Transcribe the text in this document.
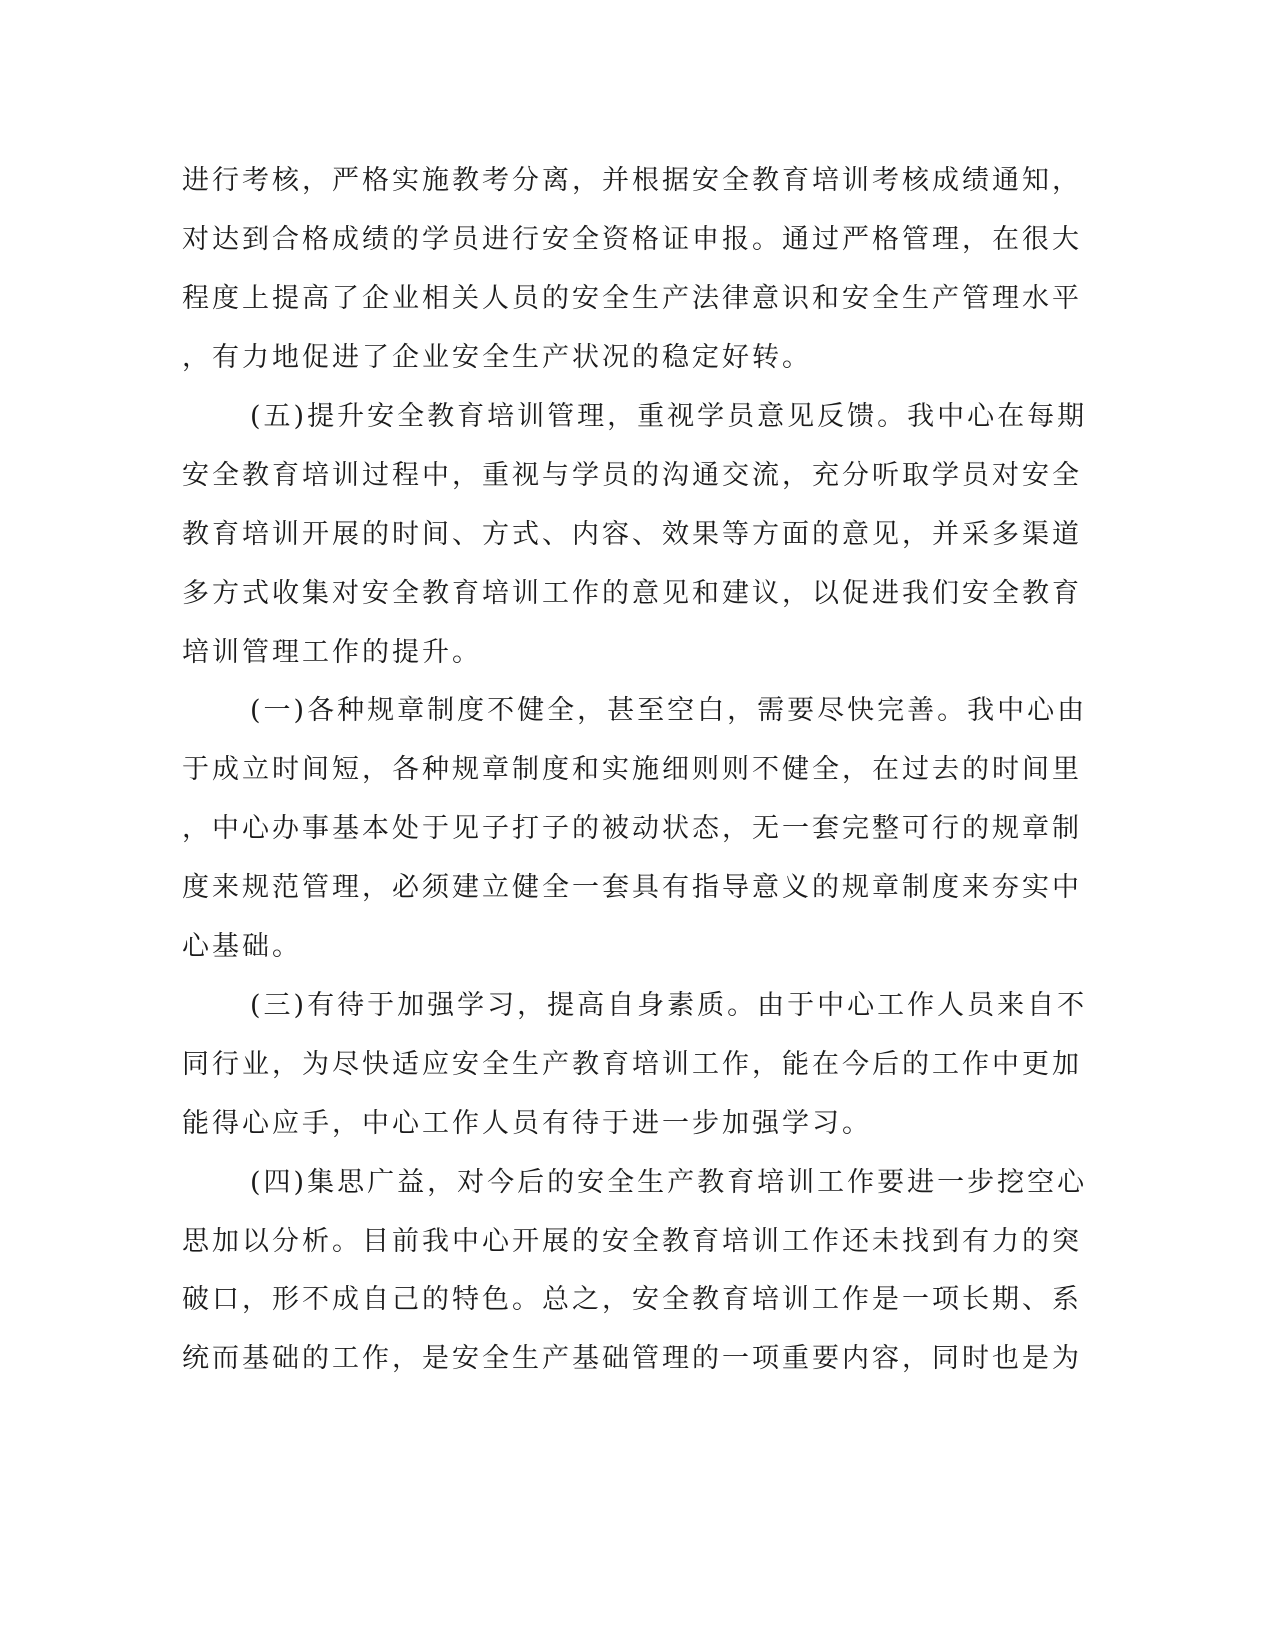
进行考核，严格实施教考分离，并根据安全教育培训考核成绩通知，

对达到合格成绩的学员进行安全资格证申报。通过严格管理，在很大

程度上提高了企业相关人员的安全生产法律意识和安全生产管理水平

，有力地促进了企业安全生产状况的稳定好转。

(五)提升安全教育培训管理，重视学员意见反馈。我中心在每期

安全教育培训过程中，重视与学员的沟通交流，充分听取学员对安全

教育培训开展的时间、方式、内容、效果等方面的意见，并采多渠道

多方式收集对安全教育培训工作的意见和建议，以促进我们安全教育

培训管理工作的提升。

(一)各种规章制度不健全，甚至空白，需要尽快完善。我中心由

于成立时间短，各种规章制度和实施细则则不健全，在过去的时间里

，中心办事基本处于见子打子的被动状态，无一套完整可行的规章制

度来规范管理，必须建立健全一套具有指导意义的规章制度来夯实中

心基础。

(三)有待于加强学习，提高自身素质。由于中心工作人员来自不

同行业，为尽快适应安全生产教育培训工作，能在今后的工作中更加

能得心应手，中心工作人员有待于进一步加强学习。

(四)集思广益，对今后的安全生产教育培训工作要进一步挖空心

思加以分析。目前我中心开展的安全教育培训工作还未找到有力的突

破口，形不成自己的特色。总之，安全教育培训工作是一项长期、系

统而基础的工作，是安全生产基础管理的一项重要内容，同时也是为
